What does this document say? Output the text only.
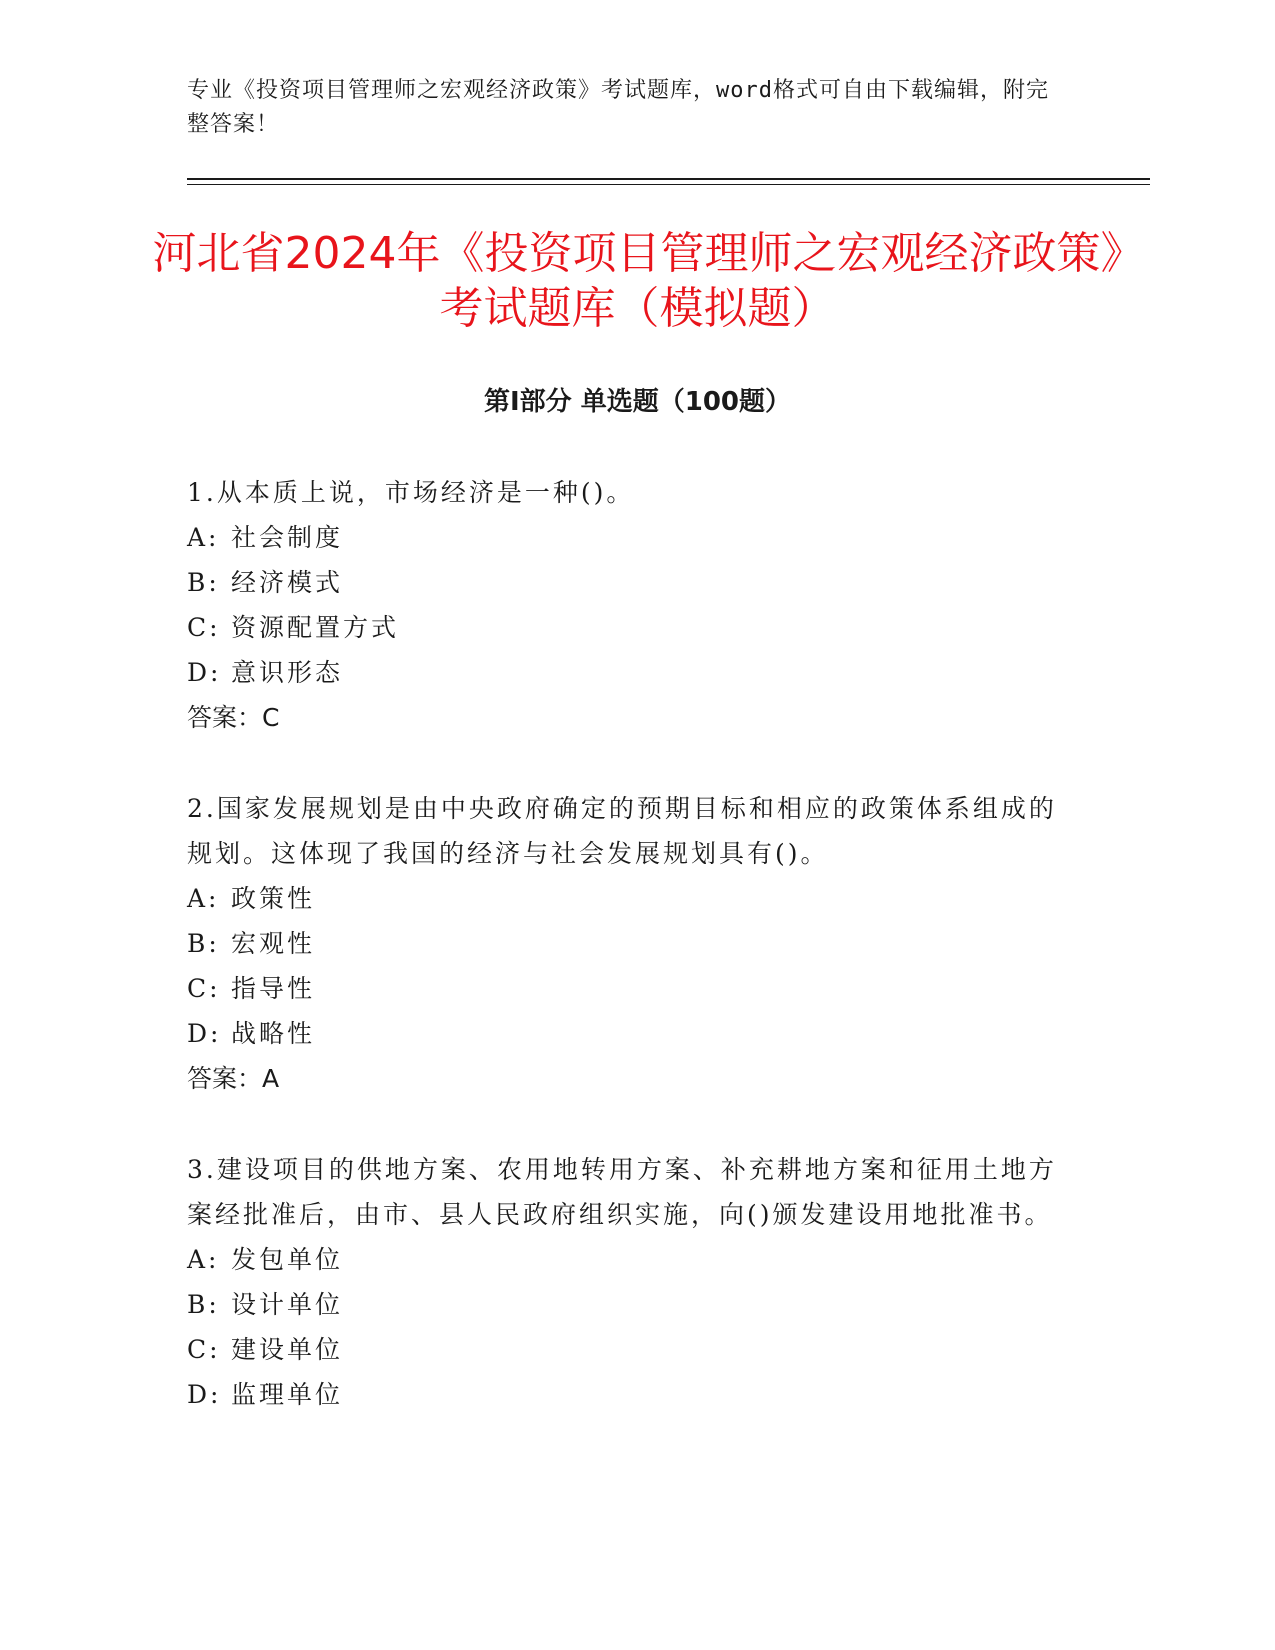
专业《投资项目管理师之宏观经济政策》考试题库，word格式可自由下载编辑，附完整答案！
河北省2024年《投资项目管理师之宏观经济政策》考试题库（模拟题）
第I部分 单选题（100题）
1.从本质上说，市场经济是一种()。
A: 社会制度
B: 经济模式
C: 资源配置方式
D: 意识形态
答案：C
2.国家发展规划是由中央政府确定的预期目标和相应的政策体系组成的规划。这体现了我国的经济与社会发展规划具有()。
A: 政策性
B: 宏观性
C: 指导性
D: 战略性
答案：A
3.建设项目的供地方案、农用地转用方案、补充耕地方案和征用土地方案经批准后，由市、县人民政府组织实施，向()颁发建设用地批准书。
A: 发包单位
B: 设计单位
C: 建设单位
D: 监理单位
